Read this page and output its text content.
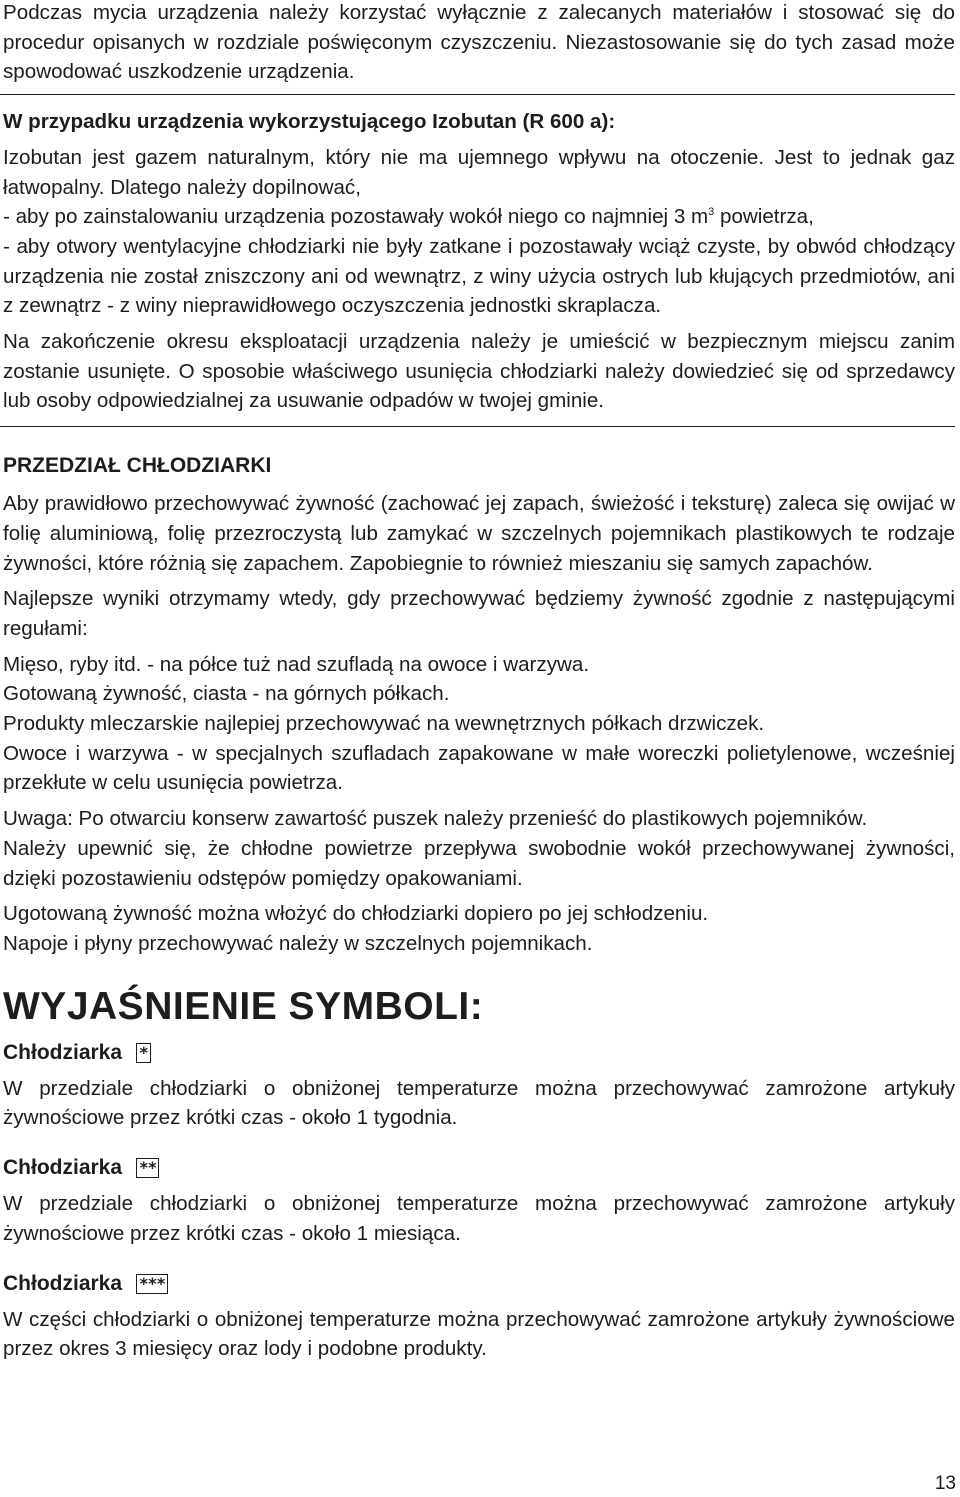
Podczas mycia urządzenia należy korzystać wyłącznie z zalecanych materiałów i stosować się do procedur opisanych w rozdziale poświęconym czyszczeniu. Niezastosowanie się do tych zasad może spowodować uszkodzenie urządzenia.

W przypadku urządzenia wykorzystującego Izobutan (R 600 a):

Izobutan jest gazem naturalnym, który nie ma ujemnego wpływu na otoczenie. Jest to jednak gaz łatwopalny. Dlatego należy dopilnować,

- aby po zainstalowaniu urządzenia pozostawały wokół niego co najmniej 3 $m^3$ powietrza,

- aby otwory wentylacyjne chłodziarki nie były zatkane i pozostawały wciąż czyste, by obwód chłodzący urządzenia nie został zniszczony ani od wewnątrz, z winy użycia ostrych lub kłujących przedmiotów, ani z zewnątrz - z winy nieprawidłowego oczyszczenia jednostki skraplacza.

Na zakończenie okresu eksploatacji urządzenia należy je umieścić w bezpiecznym miejscu zanim zostanie usunięte. O sposobie właściwego usunięcia chłodziarki należy dowiedzieć się od sprzedawcy lub osoby odpowiedzialnej za usuwanie odpadów w twojej gminie.

PRZEDZIAŁ CHŁODZIARKI

Aby prawidłowo przechowywać żywność (zachować jej zapach, świeżość i teksturę) zaleca się owijać w folię aluminiową, folię przezroczystą lub zamykać w szczelnych pojemnikach plastikowych te rodzaje żywności, które różnią się zapachem. Zapobiegnie to również mieszaniu się samych zapachów.

Najlepsze wyniki otrzymamy wtedy, gdy przechowywać będziemy żywność zgodnie z następującymi regułami:

Mięso, ryby itd. - na półce tuż nad szufladą na owoce i warzywa.

Gotowaną żywność, ciasta - na górnych półkach.

Produkty mleczarskie najlepiej przechowywać na wewnętrznych półkach drzwiczek.

Owoce i warzywa - w specjalnych szufladach zapakowane w małe woreczki polietylenowe, wcześniej przekłute w celu usunięcia powietrza.

Uwaga: Po otwarciu konserw zawartość puszek należy przenieść do plastikowych pojemników.

Należy upewnić się, że chłodne powietrze przepływa swobodnie wokół przechowywanej żywności, dzięki pozostawieniu odstępów pomiędzy opakowaniami.

Ugotowaną żywność można włożyć do chłodziarki dopiero po jej schłodzeniu.

Napoje i płyny przechowywać należy w szczelnych pojemnikach.

WYJAŚNIENIE SYMBOLI:
Chłodziarka *

W przedziale chłodziarki o obniżonej temperaturze można przechowywać zamrożone artykuły żywnościowe przez krótki czas - około 1 tygodnia.

Chłodziarka **

W przedziale chłodziarki o obniżonej temperaturze można przechowywać zamrożone artykuły żywnościowe przez krótki czas - około 1 miesiąca.

Chłodziarka ***

W części chłodziarki o obniżonej temperaturze można przechowywać zamrożone artykuły żywnościowe przez okres 3 miesięcy oraz lody i podobne produkty.

13
